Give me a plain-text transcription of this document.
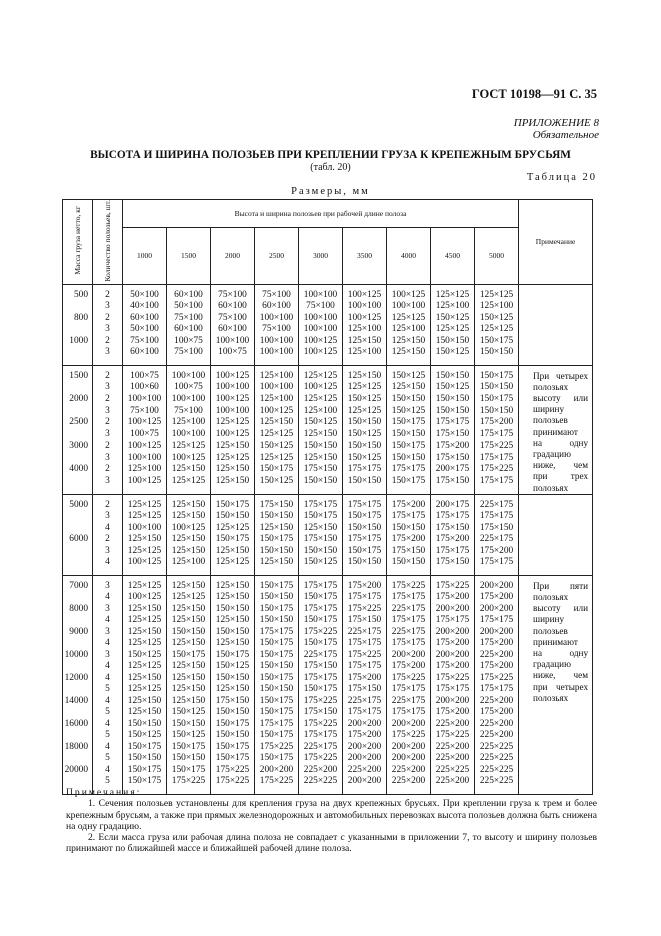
ГОСТ 10198—91 С. 35
ПРИЛОЖЕНИЕ 8
Обязательное
ВЫСОТА И ШИРИНА ПОЛОЗЬЕВ ПРИ КРЕПЛЕНИИ ГРУЗА К КРЕПЕЖНЫМ БРУСЬЯМ
(табл. 20)
Таблица 20
Размеры, мм
Масса груза нетто, кг	Количество полозьев, шт.	Высота и ширина полозьев при рабочей длине полоза									Примечание
		1000	1500	2000	2500	3000	3500	4000	4500	5000	
500	2	50×100	60×100	75×100	75×100	100×100	100×125	100×125	125×125	125×125	
	3	40×100	50×100	60×100	60×100	75×100	100×100	100×100	125×100	125×100	
800	2	60×100	75×100	75×100	100×100	100×100	100×125	125×125	150×125	150×125	
	3	50×100	60×100	60×100	75×100	100×100	125×100	125×100	125×125	125×125	
1000	2	75×100	100×75	100×100	100×100	100×125	125×150	125×150	150×150	150×175	
	3	60×100	75×100	100×75	100×100	100×125	125×100	125×150	150×125	150×150	
1500	2	100×75	100×100	100×125	125×100	125×125	125×150	150×125	150×150	150×175	При четырех полозьях высоту или ширину полозьев принимают на одну градацию ниже, чем при трех полозьях
	3	100×60	100×75	100×100	100×100	100×125	125×125	125×150	150×125	150×150	
2000	2	100×100	100×100	100×125	125×100	125×125	150×125	150×150	150×150	150×175	
	3	75×100	75×100	100×100	100×125	125×100	125×125	150×125	150×150	150×150	
2500	2	100×125	125×100	125×125	125×150	150×125	150×150	150×175	175×175	175×200	
	3	100×75	100×100	100×125	125×125	125×150	150×125	150×150	175×150	175×175	
3000	2	100×125	125×125	125×150	150×125	150×150	150×150	150×175	175×200	175×225	
	3	100×100	100×125	125×125	125×125	125×150	150×125	150×150	175×150	175×175	
4000	2	125×100	125×150	125×150	150×175	175×150	175×175	175×175	200×175	175×225	
	3	100×125	125×125	125×150	150×125	150×150	150×150	150×175	175×150	175×175	
5000	2	125×125	125×150	150×175	175×150	175×175	175×175	175×200	200×175	225×175	
	3	125×125	125×150	150×150	150×150	150×175	150×175	175×175	175×175	175×175	
	4	100×100	100×125	125×125	125×150	125×150	150×150	150×150	175×150	175×150	
6000	2	125×150	125×150	150×175	150×175	175×150	175×175	175×200	175×200	225×175	
	3	125×125	125×150	125×150	150×150	150×150	150×175	175×150	175×175	175×200	
	4	100×125	125×100	125×125	125×150	150×125	150×150	150×150	175×150	175×175	
7000	3	125×125	125×150	125×150	150×175	175×175	175×200	175×225	175×225	200×200	При пяти полозьях высоту или ширину полозьев принимают на одну градацию ниже, чем при четырех полозьях
	4	100×125	125×125	125×150	150×150	150×175	175×175	175×175	175×200	175×200	
8000	3	125×150	125×150	150×150	150×175	175×175	175×225	225×175	200×200	200×200	
	4	125×125	125×150	125×150	150×150	150×175	175×150	175×175	175×175	175×175	
9000	3	125×150	150×150	150×150	175×175	175×225	225×175	225×175	200×200	200×200	
	4	125×125	125×150	125×150	150×175	150×175	175×175	175×175	175×200	175×200	
10000	3	150×125	150×175	150×175	150×175	225×175	175×225	200×200	200×200	225×200	
	4	125×125	125×150	150×125	150×150	175×150	175×175	175×200	175×200	175×200	
12000	4	125×150	125×150	150×150	150×175	175×175	175×200	175×225	175×225	175×225	
	5	125×125	125×150	125×150	150×150	150×175	175×150	175×175	175×175	175×175	
14000	4	125×150	125×150	175×150	150×175	175×225	225×175	225×175	200×200	225×200	
	5	125×150	150×125	150×150	150×175	175×150	175×175	175×175	175×200	175×200	
16000	4	150×150	150×150	150×175	175×175	175×225	200×200	200×200	225×200	225×200	
	5	150×125	150×125	150×150	150×175	175×175	175×200	175×225	175×225	225×200	
18000	4	150×175	150×175	150×175	175×225	225×175	200×200	200×200	225×200	225×225	
	5	150×150	150×150	150×175	150×175	175×225	200×200	200×200	225×200	225×225	
20000	4	150×175	150×175	175×225	200×200	225×200	225×200	225×200	225×225	225×225	
	5	150×175	175×225	175×225	175×225	225×225	200×200	225×200	225×200	225×225	

Примечания:

1. Сечения полозьев установлены для крепления груза на двух крепежных брусьях. При креплении груза к трем и более крепежным брусьям, а также при прямых железнодорожных и автомобильных перевозках высота полозьев должна быть снижена на одну градацию.

2. Если масса груза или рабочая длина полоза не совпадает с указанными в приложении 7, то высоту и ширину полозьев принимают по ближайшей массе и ближайшей рабочей длине полоза.
